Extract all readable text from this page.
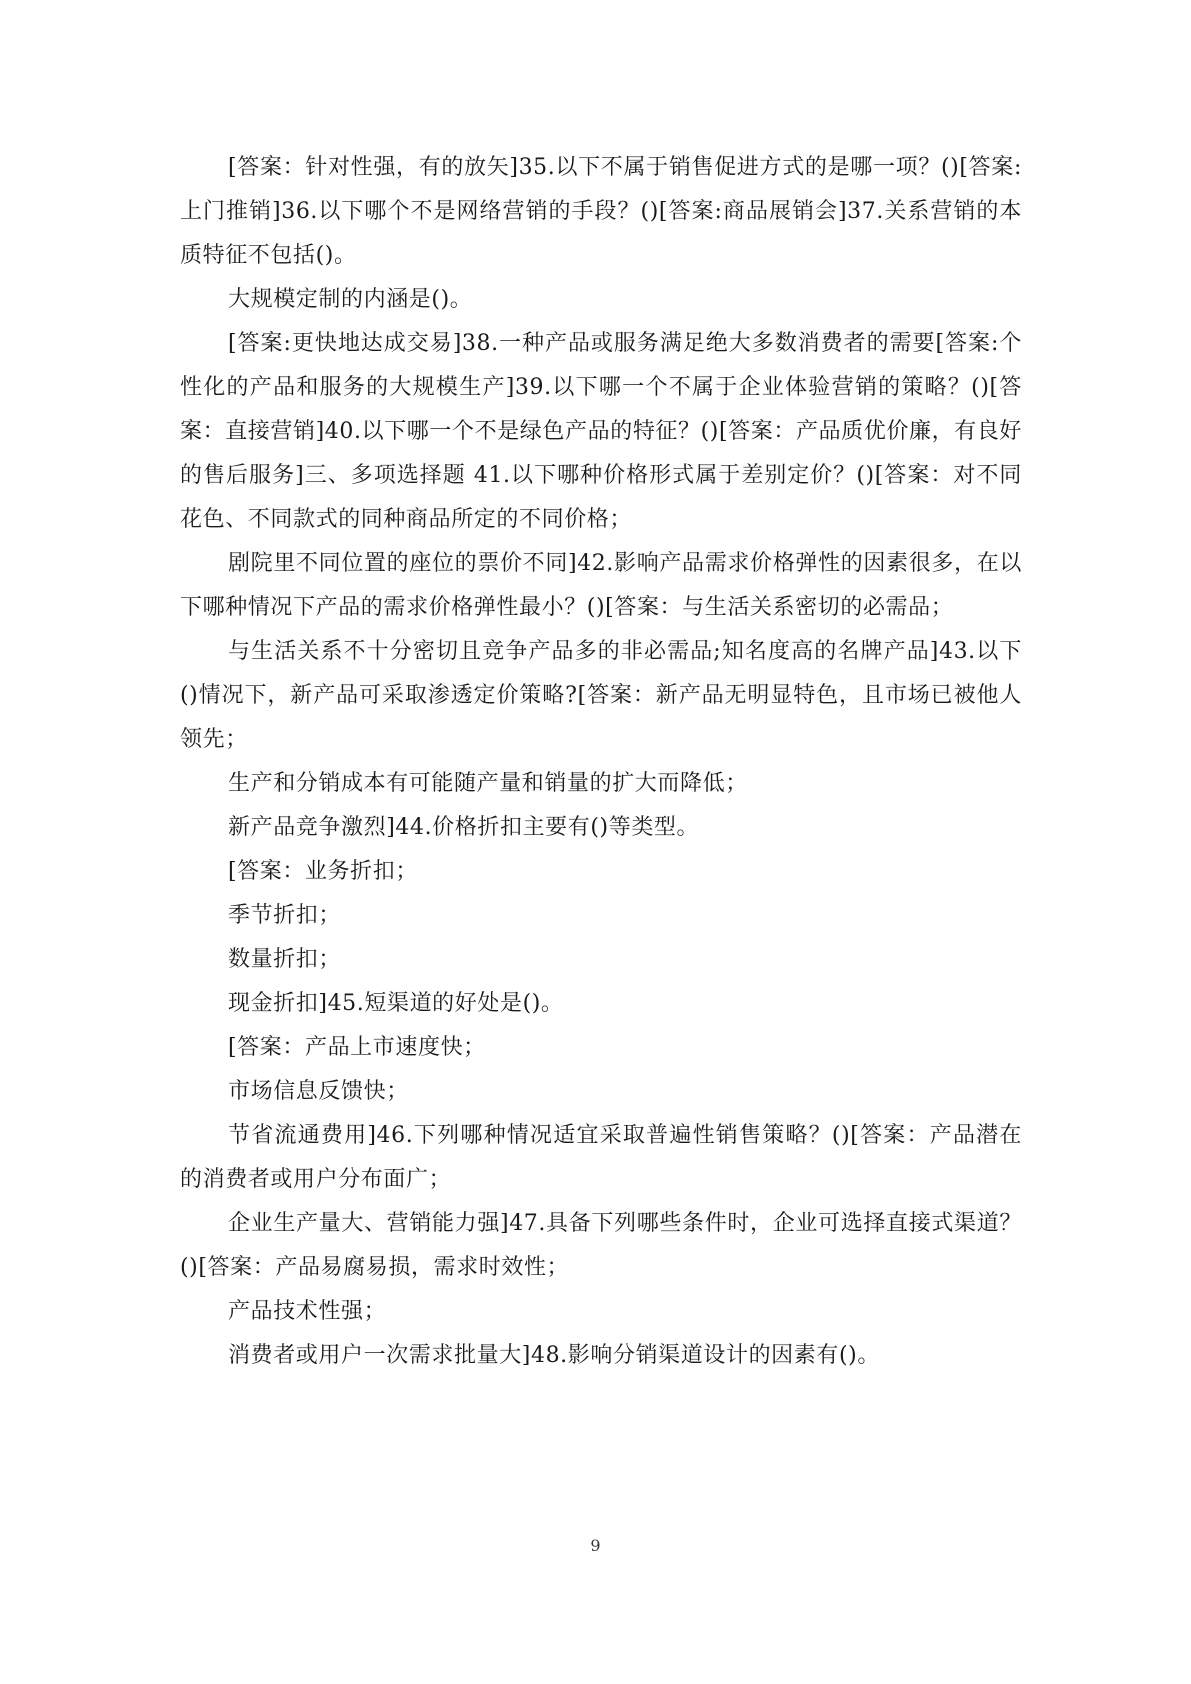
[答案：针对性强，有的放矢]35.以下不属于销售促进方式的是哪一项？()[答案:上门推销]36.以下哪个不是网络营销的手段？()[答案:商品展销会]37.关系营销的本质特征不包括()。

大规模定制的内涵是()。

[答案:更快地达成交易]38.一种产品或服务满足绝大多数消费者的需要[答案:个性化的产品和服务的大规模生产]39.以下哪一个不属于企业体验营销的策略？()[答案：直接营销]40.以下哪一个不是绿色产品的特征？()[答案：产品质优价廉，有良好的售后服务]三、多项选择题 41.以下哪种价格形式属于差别定价？()[答案：对不同花色、不同款式的同种商品所定的不同价格；

剧院里不同位置的座位的票价不同]42.影响产品需求价格弹性的因素很多，在以下哪种情况下产品的需求价格弹性最小？()[答案：与生活关系密切的必需品；

与生活关系不十分密切且竞争产品多的非必需品;知名度高的名牌产品]43.以下()情况下，新产品可采取渗透定价策略?[答案：新产品无明显特色，且市场已被他人领先；

生产和分销成本有可能随产量和销量的扩大而降低；

新产品竞争激烈]44.价格折扣主要有()等类型。

[答案：业务折扣；

季节折扣；

数量折扣；

现金折扣]45.短渠道的好处是()。

[答案：产品上市速度快；

市场信息反馈快；

节省流通费用]46.下列哪种情况适宜采取普遍性销售策略？()[答案：产品潜在的消费者或用户分布面广；

企业生产量大、营销能力强]47.具备下列哪些条件时，企业可选择直接式渠道？()[答案：产品易腐易损，需求时效性；

产品技术性强；

消费者或用户一次需求批量大]48.影响分销渠道设计的因素有()。

9
